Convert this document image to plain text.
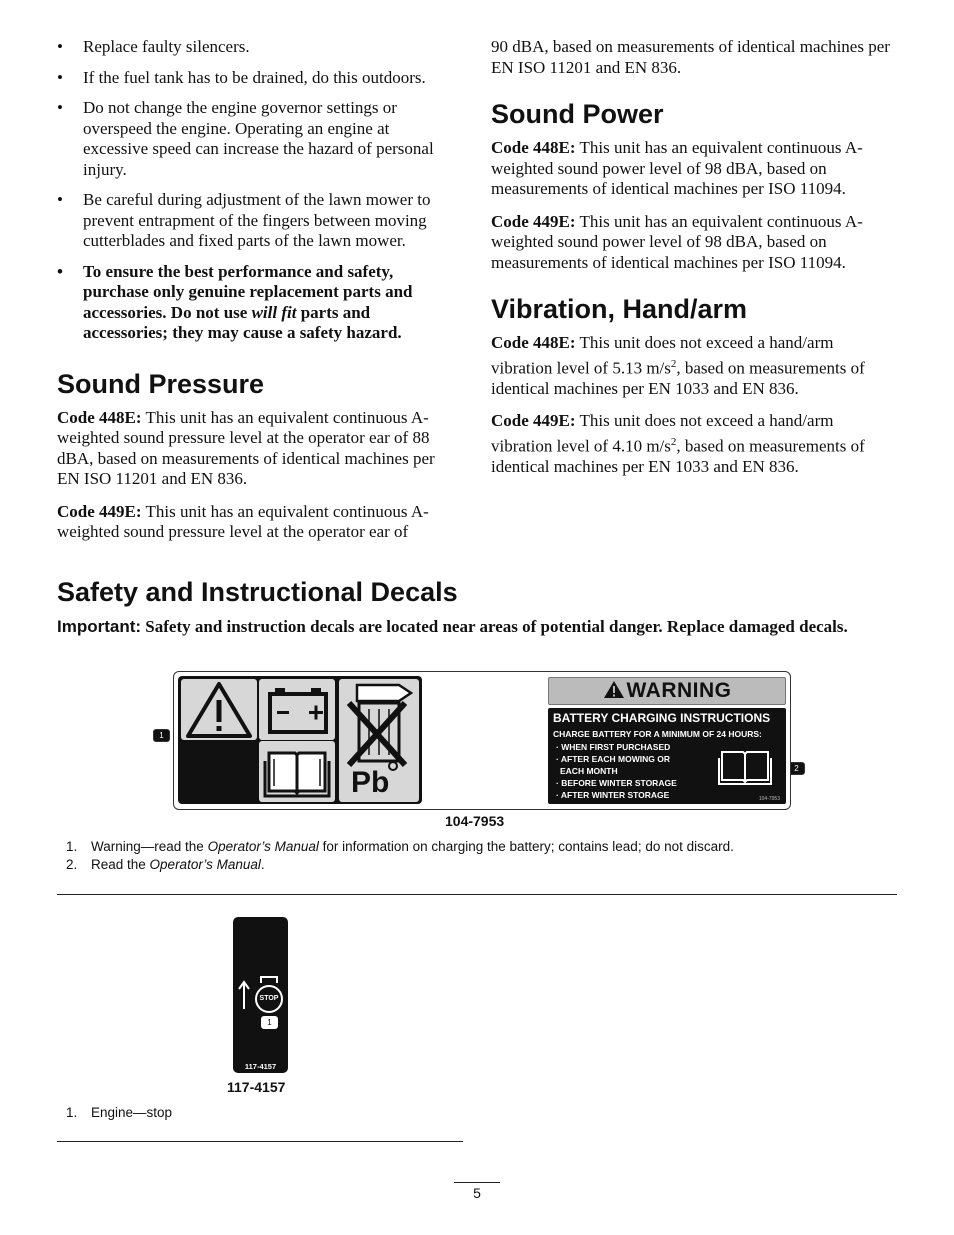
• Replace faulty silencers.
• If the fuel tank has to be drained, do this outdoors.
• Do not change the engine governor settings or overspeed the engine. Operating an engine at excessive speed can increase the hazard of personal injury.
• Be careful during adjustment of the lawn mower to prevent entrapment of the fingers between moving cutterblades and fixed parts of the lawn mower.
• To ensure the best performance and safety, purchase only genuine replacement parts and accessories. Do not use will fit parts and accessories; they may cause a safety hazard.
Sound Pressure

Code 448E: This unit has an equivalent continuous A-weighted sound pressure level at the operator ear of 88 dBA, based on measurements of identical machines per EN ISO 11201 and EN 836.

Code 449E: This unit has an equivalent continuous A-weighted sound pressure level at the operator ear of

90 dBA, based on measurements of identical machines per EN ISO 11201 and EN 836.

Sound Power

Code 448E: This unit has an equivalent continuous A-weighted sound power level of 98 dBA, based on measurements of identical machines per ISO 11094.

Code 449E: This unit has an equivalent continuous A-weighted sound power level of 98 dBA, based on measurements of identical machines per ISO 11094.

Vibration, Hand/arm

Code 448E: This unit does not exceed a hand/arm vibration level of 5.13 $m/s^2$, based on measurements of identical machines per EN 1033 and EN 836.

Code 449E: This unit does not exceed a hand/arm vibration level of 4.10 $m/s^2$, based on measurements of identical machines per EN 1033 and EN 836.

Safety and Instructional Decals
Important: Safety and instruction decals are located near areas of potential danger. Replace damaged decals.
1
2
Pb
WARNING
BATTERY CHARGING INSTRUCTIONS
CHARGE BATTERY FOR A MINIMUM OF 24 HOURS:
· WHEN FIRST PURCHASED
· AFTER EACH MOWING OR
EACH MONTH
· BEFORE WINTER STORAGE
· AFTER WINTER STORAGE	104-7953
104-7953
1. Warning—read the Operator’s Manual for information on charging the battery; contains lead; do not discard.
2. Read the Operator’s Manual.
STOP
1
117-4157
117-4157
1. Engine—stop
5
